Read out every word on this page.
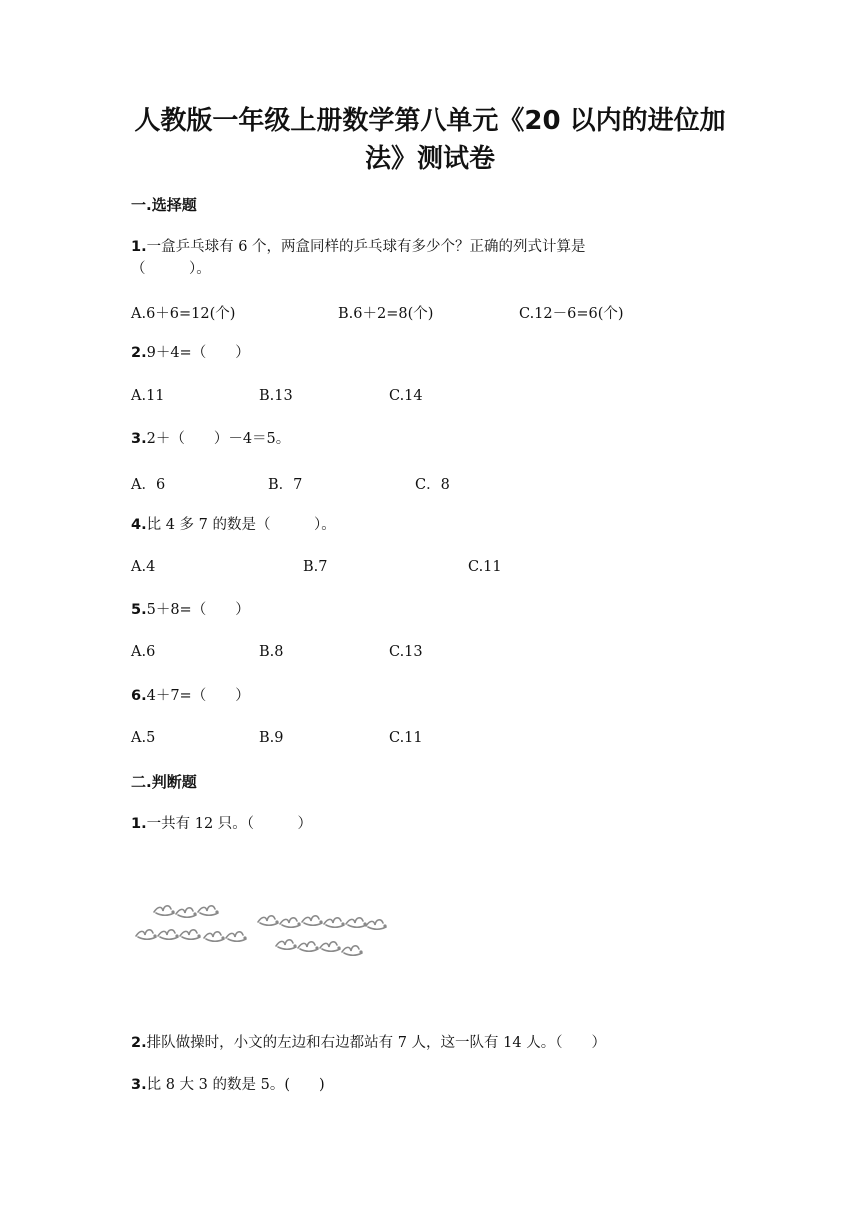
人教版一年级上册数学第八单元《20 以内的进位加
法》测试卷
一.选择题
1.一盒乒乓球有 6 个，两盒同样的乒乓球有多少个？正确的列式计算是
（　　　）。
A.6＋6=12(个)	B.6＋2=8(个)	C.12－6=6(个)
2.9＋4=（　　）
A.11	B.13	C.14
3.2＋（　　）－4＝5。
A．6	B．7	C．8
4.比 4 多 7 的数是（　　　）。
A.4	B.7	C.11
5.5＋8=（　　）
A.6	B.8	C.13
6.4＋7=（　　）
A.5	B.9	C.11
二.判断题
1.一共有 12 只。（　　　）
2.排队做操时，小文的左边和右边都站有 7 人，这一队有 14 人。（　　）
3.比 8 大 3 的数是 5。(　　)
